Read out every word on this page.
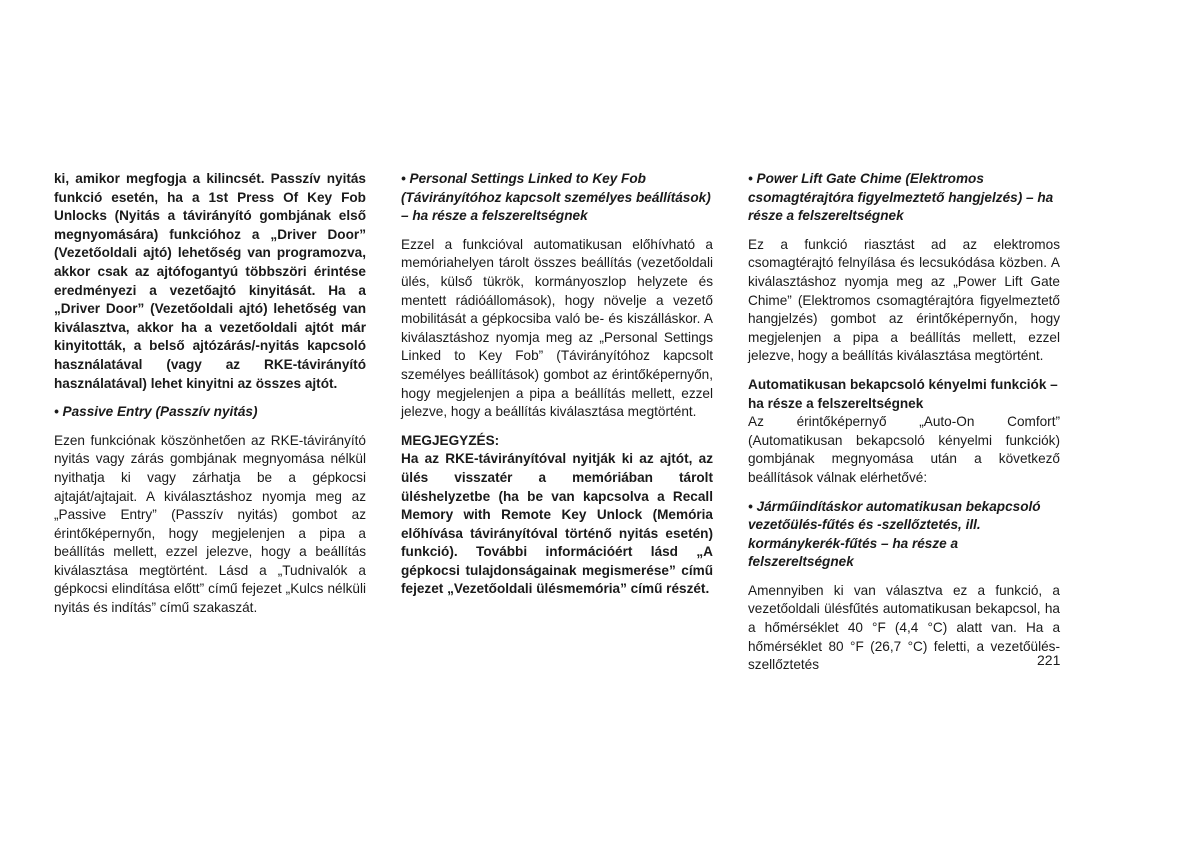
ki, amikor megfogja a kilincsét. Passzív nyitás funkció esetén, ha a 1st Press Of Key Fob Unlocks (Nyitás a távirányító gombjának első megnyomására) funkcióhoz a „Driver Door” (Vezetőoldali ajtó) lehetőség van programozva, akkor csak az ajtófogantyú többszöri érintése eredményezi a vezetőajtó kinyitását. Ha a „Driver Door” (Vezetőoldali ajtó) lehetőség van kiválasztva, akkor ha a vezetőoldali ajtót már kinyitották, a belső ajtózárás/-nyitás kapcsoló használatával (vagy az RKE-távirányító használatával) lehet kinyitni az összes ajtót.

• Passive Entry (Passzív nyitás)

Ezen funkciónak köszönhetően az RKE-távirányító nyitás vagy zárás gombjának megnyomása nélkül nyithatja ki vagy zárhatja be a gépkocsi ajtaját/ajtajait. A kiválasztáshoz nyomja meg az „Passive Entry” (Passzív nyitás) gombot az érintőképernyőn, hogy megjelenjen a pipa a beállítás mellett, ezzel jelezve, hogy a beállítás kiválasztása megtörtént. Lásd a „Tudnivalók a gépkocsi elindítása előtt” című fejezet „Kulcs nélküli nyitás és indítás” című szakaszát.

• Personal Settings Linked to Key Fob (Távirányítóhoz kapcsolt személyes beállítások) – ha része a felszereltségnek

Ezzel a funkcióval automatikusan előhívható a memóriahelyen tárolt összes beállítás (vezetőoldali ülés, külső tükrök, kormányoszlop helyzete és mentett rádióállomások), hogy növelje a vezető mobilitását a gépkocsiba való be- és kiszálláskor. A kiválasztáshoz nyomja meg az „Personal Settings Linked to Key Fob” (Távirányítóhoz kapcsolt személyes beállítások) gombot az érintőképernyőn, hogy megjelenjen a pipa a beállítás mellett, ezzel jelezve, hogy a beállítás kiválasztása megtörtént.

MEGJEGYZÉS:

Ha az RKE-távirányítóval nyitják ki az ajtót, az ülés visszatér a memóriában tárolt üléshelyzetbe (ha be van kapcsolva a Recall Memory with Remote Key Unlock (Memória előhívása távirányítóval történő nyitás esetén) funkció). További információért lásd „A gépkocsi tulajdonságainak megismerése” című fejezet „Vezetőoldali ülésmemória” című részét.

• Power Lift Gate Chime (Elektromos csomagtérajtóra figyelmeztető hangjelzés) – ha része a felszereltségnek

Ez a funkció riasztást ad az elektromos csomagtérajtó felnyílása és lecsukódása közben. A kiválasztáshoz nyomja meg az „Power Lift Gate Chime” (Elektromos csomagtérajtóra figyelmeztető hangjelzés) gombot az érintőképernyőn, hogy megjelenjen a pipa a beállítás mellett, ezzel jelezve, hogy a beállítás kiválasztása megtörtént.

Automatikusan bekapcsoló kényelmi funkciók – ha része a felszereltségnek

Az érintőképernyő „Auto-On Comfort” (Automatikusan bekapcsoló kényelmi funkciók) gombjának megnyomása után a következő beállítások válnak elérhetővé:

• Járműindításkor automatikusan bekapcsoló vezetőülés-fűtés és -szellőztetés, ill. kormánykerék-fűtés – ha része a felszereltségnek

Amennyiben ki van választva ez a funkció, a vezetőoldali ülésfűtés automatikusan bekapcsol, ha a hőmérséklet 40 °F (4,4 °C) alatt van. Ha a hőmérséklet 80 °F (26,7 °C) feletti, a vezetőülés-szellőztetés	221
